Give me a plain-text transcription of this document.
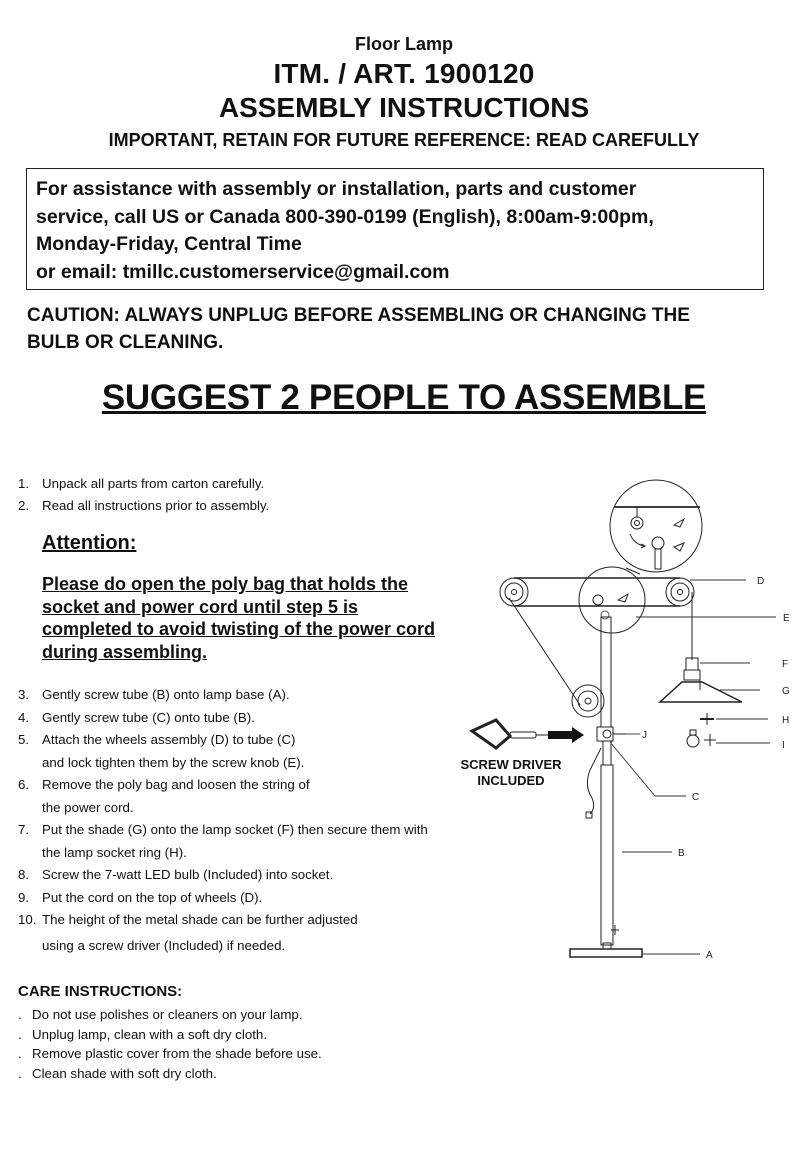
Floor Lamp
ITM. / ART. 1900120
ASSEMBLY INSTRUCTIONS
IMPORTANT, RETAIN FOR FUTURE REFERENCE: READ CAREFULLY
For assistance with assembly or installation, parts and customer
service, call US or Canada 800-390-0199 (English), 8:00am-9:00pm,
Monday-Friday, Central Time
or email: tmillc.customerservice@gmail.com
CAUTION: ALWAYS UNPLUG BEFORE ASSEMBLING OR CHANGING THE
BULB OR CLEANING.
SUGGEST 2 PEOPLE TO ASSEMBLE
1. Unpack all parts from carton carefully.
2. Read all instructions prior to assembly.
Attention:
Please do open the poly bag that holds the
socket and power cord until step 5 is
completed to avoid twisting of the power cord
during assembling.
3. Gently screw tube (B) onto lamp base (A).
4. Gently screw tube (C) onto tube (B).
5. Attach the wheels assembly (D) to tube (C)
and lock tighten them by the screw knob (E).
6. Remove the poly bag and loosen the string of
the power cord.
7. Put the shade (G) onto the lamp socket (F) then secure them with
the lamp socket ring (H).
8. Screw the 7-watt LED bulb (Included) into socket.
9. Put the cord on the top of wheels (D).
10. The height of the metal shade can be further adjusted
using a screw driver (Included) if needed.
CARE INSTRUCTIONS:
. Do not use polishes or cleaners on your lamp.
. Unplug lamp, clean with a soft dry cloth.
. Remove plastic cover from the shade before use.
. Clean shade with soft dry cloth.
D
E
F
G
H
I
J
C
B
A
SCREW DRIVER
INCLUDED
